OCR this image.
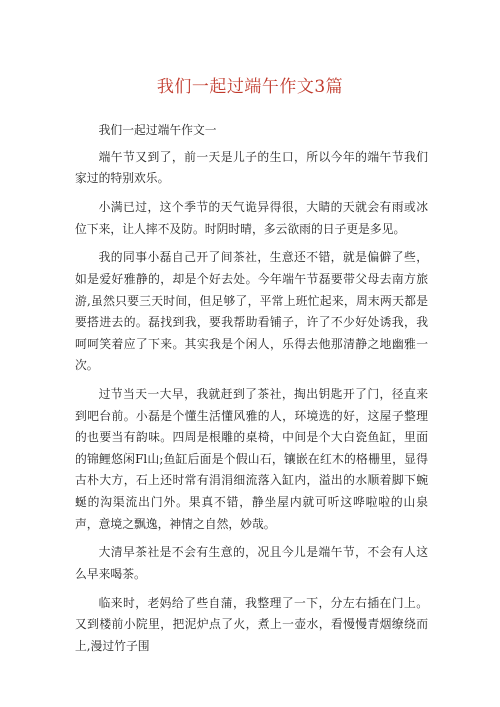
我们一起过端午作文3篇

我们一起过端午作文一

端午节又到了，前一天是儿子的生口，所以今年的端午节我们家过的特别欢乐。

小满已过，这个季节的天气诡异得很，大睛的天就会有雨或冰位下来，让人摔不及防。时阴时晴，多云欲雨的日子更是多见。

我的同事小磊自己开了间茶社，生意还不错，就是偏僻了些，如是爱好雅静的，却是个好去处。今年端午节磊要带父母去南方旅游,虽然只要三天时间，但足够了，平常上班忙起来，周末两天都是要搭进去的。磊找到我，要我帮助看铺子，许了不少好处诱我，我呵呵笑着应了下来。其实我是个闲人，乐得去他那清静之地幽雅一次。

过节当天一大早，我就赶到了茶社，掏出钥匙开了门，径直来到吧台前。小磊是个懂生活懂风雅的人，环境选的好，这屋子整理的也要当有韵味。四周是根雕的桌椅，中间是个大白瓷鱼缸，里面的锦鲤悠闲Fl山;鱼缸后面是个假山石，镶嵌在红木的格栅里，显得古朴大方，石上还时常有涓涓细流落入缸内，溢出的水顺着脚下蜿蜒的沟渠流出门外。果真不错，静坐屋内就可听这哗啦啦的山泉声，意境之飘逸，神情之自然，妙哉。

大清早茶社是不会有生意的，况且今儿是端午节，不会有人这么早来喝茶。

临来时，老妈给了些自蒲，我整理了一下，分左右插在门上。又到楼前小院里，把泥炉点了火，煮上一壶水，看慢慢青烟缭绕而上,漫过竹子围
